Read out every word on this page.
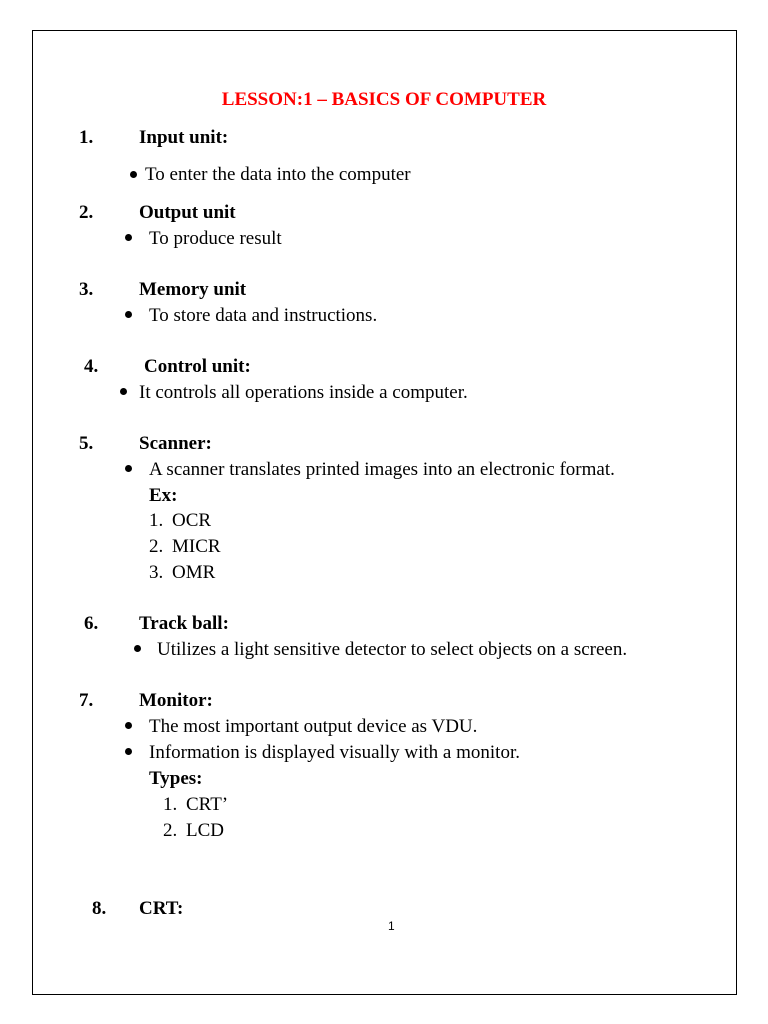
LESSON:1 – BASICS OF COMPUTER
1. Input unit:
To enter the data into the computer
2. Output unit
To produce result
3. Memory unit
To store data and instructions.
4. Control unit:
It controls all operations inside a computer.
5. Scanner:
A scanner translates printed images into an electronic format.
Ex:
1. OCR
2. MICR
3. OMR
6. Track ball:
Utilizes a light sensitive detector to select objects on a screen.
7. Monitor:
The most important output device as VDU.
Information is displayed visually with a monitor.
Types:
1. CRT’
2. LCD
8. CRT:
1
